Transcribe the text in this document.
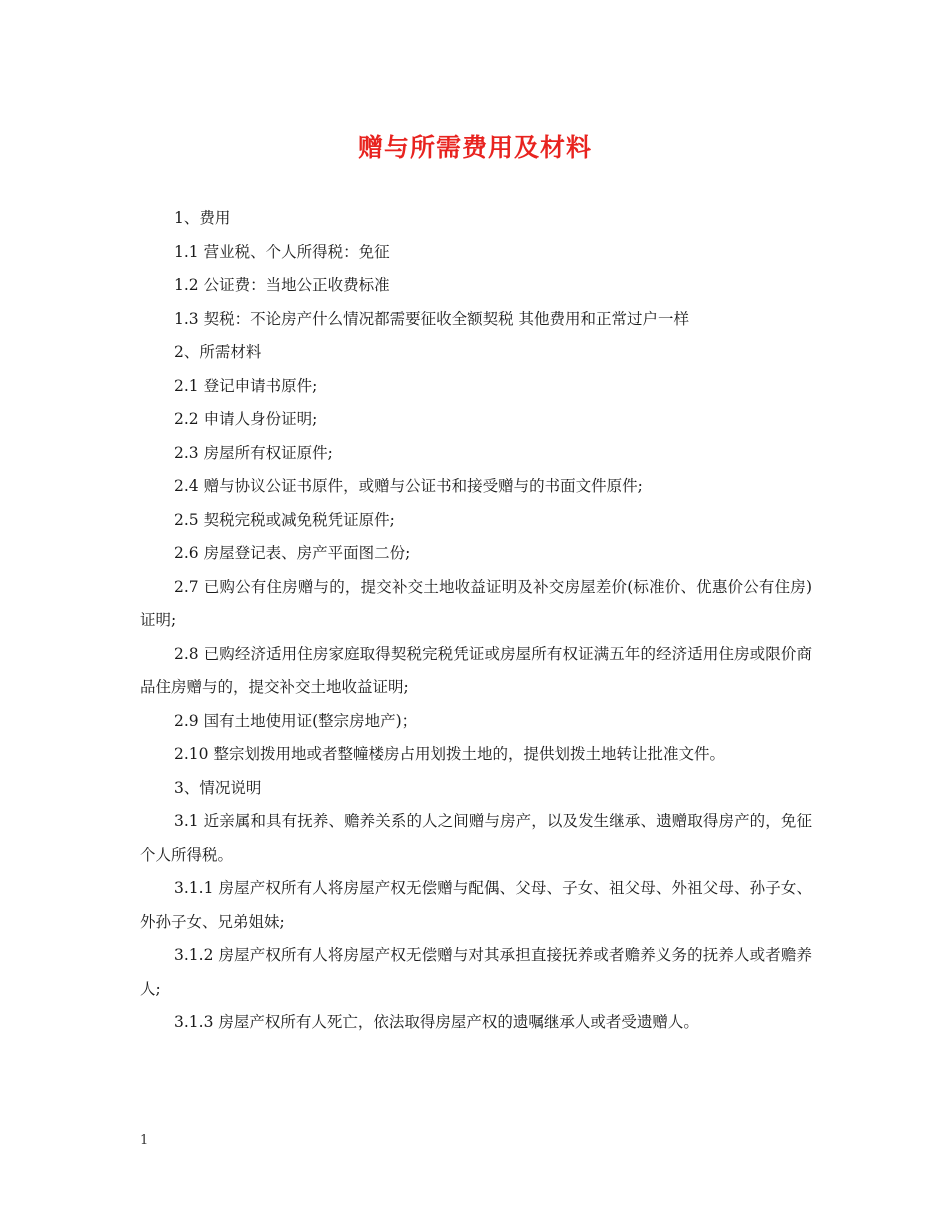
赠与所需费用及材料

1、费用

1.1 营业税、个人所得税：免征

1.2 公证费：当地公正收费标准

1.3 契税：不论房产什么情况都需要征收全额契税 其他费用和正常过户一样

2、所需材料

2.1 登记申请书原件;

2.2 申请人身份证明;

2.3 房屋所有权证原件;

2.4 赠与协议公证书原件，或赠与公证书和接受赠与的书面文件原件;

2.5 契税完税或减免税凭证原件;

2.6 房屋登记表、房产平面图二份;

2.7 已购公有住房赠与的，提交补交土地收益证明及补交房屋差价(标准价、优惠价公有住房)证明;

2.8 已购经济适用住房家庭取得契税完税凭证或房屋所有权证满五年的经济适用住房或限价商品住房赠与的，提交补交土地收益证明;

2.9 国有土地使用证(整宗房地产)；

2.10 整宗划拨用地或者整幢楼房占用划拨土地的，提供划拨土地转让批准文件。

3、情况说明

3.1 近亲属和具有抚养、赡养关系的人之间赠与房产，以及发生继承、遗赠取得房产的，免征个人所得税。

3.1.1 房屋产权所有人将房屋产权无偿赠与配偶、父母、子女、祖父母、外祖父母、孙子女、外孙子女、兄弟姐妹;

3.1.2 房屋产权所有人将房屋产权无偿赠与对其承担直接抚养或者赡养义务的抚养人或者赡养人;

3.1.3 房屋产权所有人死亡，依法取得房屋产权的遗嘱继承人或者受遗赠人。

1
